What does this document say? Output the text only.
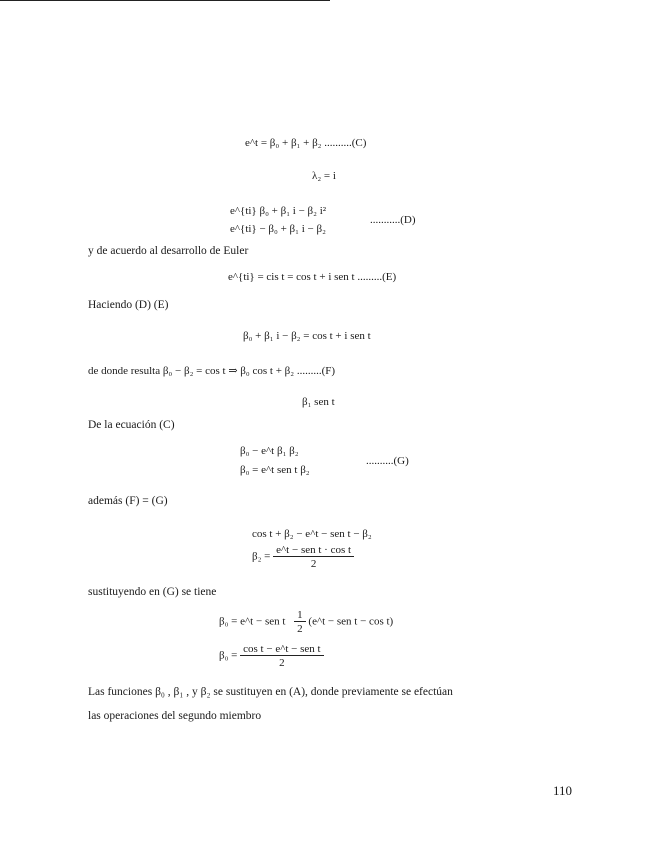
e^t = β₀ + β₁ + β₂ ..........(C)
λ₂ = i
e^{ti} β₀ + β₁ i − β₂ i²
e^{ti} − β₀ + β₁ i − β₂
...........(D)
y de acuerdo al desarrollo de Euler
e^{ti} = cis t = cos t + i sen t .........(E)
Haciendo (D) (E)
β₀ + β₁ i − β₂ = cos t + i sen t
de donde resulta β₀ − β₂ = cos t ⇒ β₀ cos t + β₂ .........(F)
β₁ sen t
De la ecuación (C)
β₀ − e^t β₁ β₂
β₀ = e^t sen t β₂
..........(G)
además (F) = (G)
cos t + β₂ − e^t − sen t − β₂
$\beta_2 = \frac{\text{e\textasciicircum{}t − sen t · cos t}}{2}$
sustituyendo en (G) se tiene
β₀ = e^t − sen t $\frac{1}{2}$ (e^t − sen t − cos t)
$\beta_0 = \frac{\text{cos t − e\textasciicircum{}t − sen t}}{2}$
Las funciones β₀ , β₁ , y β₂ se sustituyen en (A), donde previamente se efectúan
las operaciones del segundo miembro
110
